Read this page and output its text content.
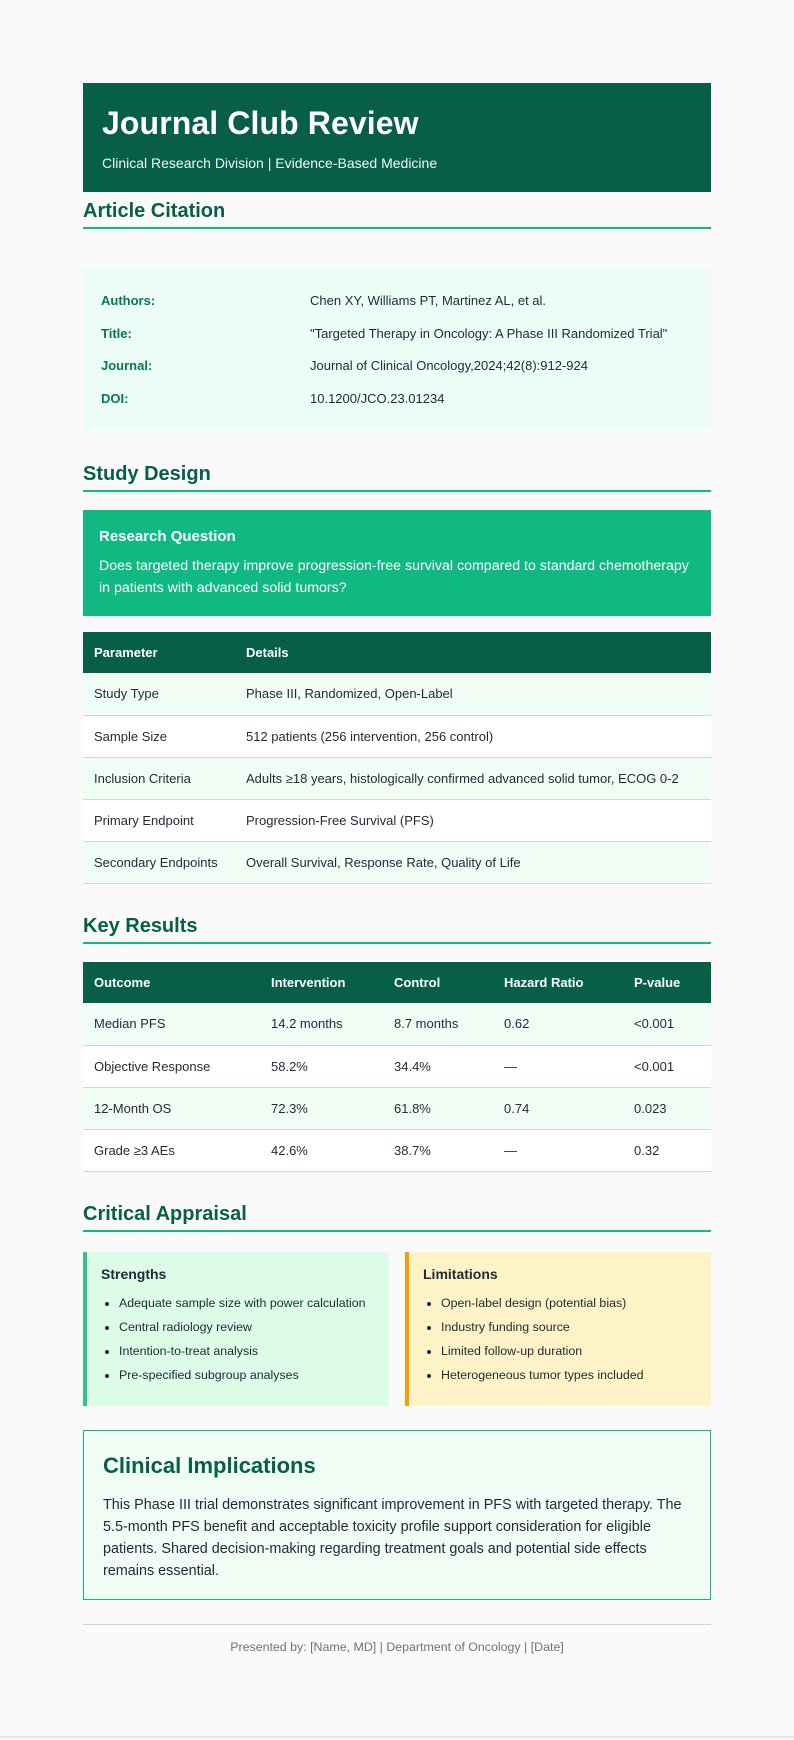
Journal Club Review
Clinical Research Division | Evidence-Based Medicine
Article Citation
Authors:	Chen XY, Williams PT, Martinez AL, et al.
Title:	"Targeted Therapy in Oncology: A Phase III Randomized Trial"
Journal:	Journal of Clinical Oncology,2024;42(8):912-924
DOI:	10.1200/JCO.23.01234
Study Design
Research Question

Does targeted therapy improve progression-free survival compared to standard chemotherapy in patients with advanced solid tumors?

Parameter	Details
Study Type	Phase III, Randomized, Open-Label
Sample Size	512 patients (256 intervention, 256 control)
Inclusion Criteria	Adults ≥18 years, histologically confirmed advanced solid tumor, ECOG 0-2
Primary Endpoint	Progression-Free Survival (PFS)
Secondary Endpoints	Overall Survival, Response Rate, Quality of Life
Key Results
Outcome	Intervention	Control	Hazard Ratio	P-value
Median PFS	14.2 months	8.7 months	0.62	<0.001
Objective Response	58.2%	34.4%	—	<0.001
12-Month OS	72.3%	61.8%	0.74	0.023
Grade ≥3 AEs	42.6%	38.7%	—	0.32
Critical Appraisal
Strengths
• Adequate sample size with power calculation
• Central radiology review
• Intention-to-treat analysis
• Pre-specified subgroup analyses
Limitations
• Open-label design (potential bias)
• Industry funding source
• Limited follow-up duration
• Heterogeneous tumor types included
Clinical Implications

This Phase III trial demonstrates significant improvement in PFS with targeted therapy. The 5.5-month PFS benefit and acceptable toxicity profile support consideration for eligible patients. Shared decision-making regarding treatment goals and potential side effects remains essential.

Presented by: [Name, MD] | Department of Oncology | [Date]
